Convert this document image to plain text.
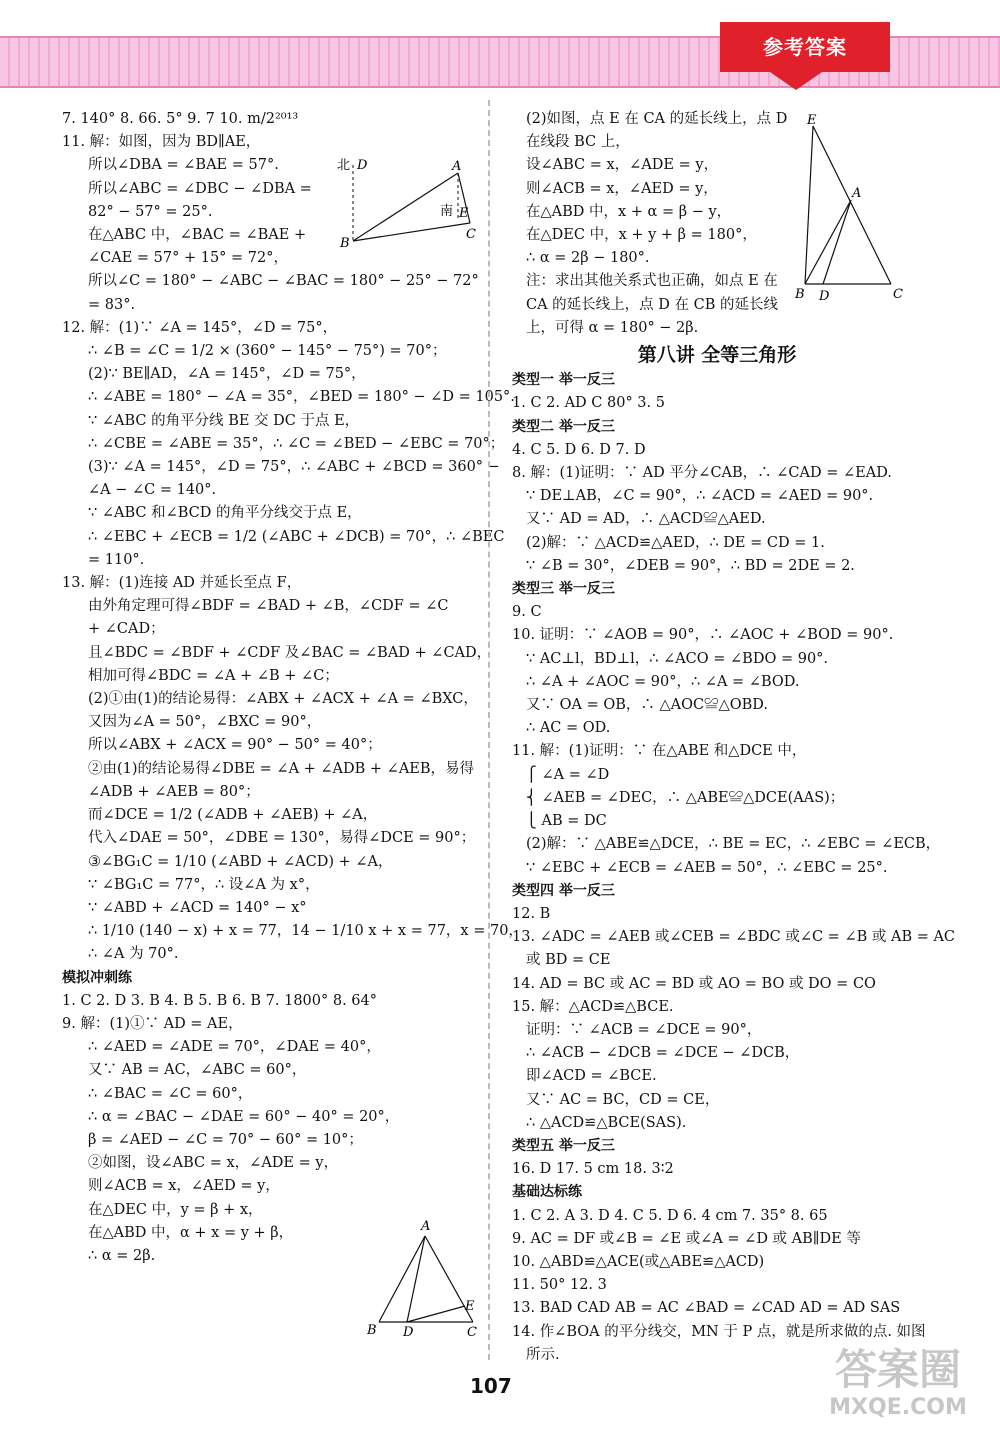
参考答案
7. 140° 8. 66. 5° 9. 7 10. m/2²⁰¹³
11. 解：如图，因为 BD∥AE，
所以∠DBA = ∠BAE = 57°.
所以∠ABC = ∠DBC − ∠DBA =
82° − 57° = 25°.
在△ABC 中，∠BAC = ∠BAE +
∠CAE = 57° + 15° = 72°，
所以∠C = 180° − ∠ABC − ∠BAC = 180° − 25° − 72°
= 83°.
12. 解：(1)∵ ∠A = 145°，∠D = 75°，
∴ ∠B = ∠C = 1/2 × (360° − 145° − 75°) = 70°；
(2)∵ BE∥AD，∠A = 145°，∠D = 75°，
∴ ∠ABE = 180° − ∠A = 35°，∠BED = 180° − ∠D = 105°.
∵ ∠ABC 的角平分线 BE 交 DC 于点 E，
∴ ∠CBE = ∠ABE = 35°，∴ ∠C = ∠BED − ∠EBC = 70°；
(3)∵ ∠A = 145°，∠D = 75°，∴ ∠ABC + ∠BCD = 360° −
∠A − ∠C = 140°.
∵ ∠ABC 和∠BCD 的角平分线交于点 E，
∴ ∠EBC + ∠ECB = 1/2 (∠ABC + ∠DCB) = 70°，∴ ∠BEC
= 110°.
13. 解：(1)连接 AD 并延长至点 F，
由外角定理可得∠BDF = ∠BAD + ∠B，∠CDF = ∠C
+ ∠CAD；
且∠BDC = ∠BDF + ∠CDF 及∠BAC = ∠BAD + ∠CAD，
相加可得∠BDC = ∠A + ∠B + ∠C；
(2)①由(1)的结论易得：∠ABX + ∠ACX + ∠A = ∠BXC，
又因为∠A = 50°，∠BXC = 90°，
所以∠ABX + ∠ACX = 90° − 50° = 40°；
②由(1)的结论易得∠DBE = ∠A + ∠ADB + ∠AEB，易得
∠ADB + ∠AEB = 80°；
而∠DCE = 1/2 (∠ADB + ∠AEB) + ∠A，
代入∠DAE = 50°，∠DBE = 130°，易得∠DCE = 90°；
③∠BG₁C = 1/10 (∠ABD + ∠ACD) + ∠A，
∵ ∠BG₁C = 77°，∴ 设∠A 为 x°，
∵ ∠ABD + ∠ACD = 140° − x°
∴ 1/10 (140 − x) + x = 77，14 − 1/10 x + x = 77，x = 70，
∴ ∠A 为 70°.
模拟冲刺练
1. C 2. D 3. B 4. B 5. B 6. B 7. 1800° 8. 64°
9. 解：(1)①∵ AD = AE，
∴ ∠AED = ∠ADE = 70°，∠DAE = 40°，
又∵ AB = AC，∠ABC = 60°，
∴ ∠BAC = ∠C = 60°，
∴ α = ∠BAC − ∠DAE = 60° − 40° = 20°，
β = ∠AED − ∠C = 70° − 60° = 10°；
②如图，设∠ABC = x，∠ADE = y，
则∠ACB = x，∠AED = y，
在△DEC 中，y = β + x，
在△ABD 中，α + x = y + β，
∴ α = 2β.
(2)如图，点 E 在 CA 的延长线上，点 D
在线段 BC 上，
设∠ABC = x，∠ADE = y，
则∠ACB = x，∠AED = y，
在△ABD 中，x + α = β − y，
在△DEC 中，x + y + β = 180°，
∴ α = 2β − 180°.
注：求出其他关系式也正确，如点 E 在
CA 的延长线上，点 D 在 CB 的延长线
上，可得 α = 180° − 2β.
第八讲 全等三角形
类型一 举一反三
1. C 2. AD C 80° 3. 5
类型二 举一反三
4. C 5. D 6. D 7. D
8. 解：(1)证明：∵ AD 平分∠CAB，∴ ∠CAD = ∠EAD.
∵ DE⊥AB，∠C = 90°，∴ ∠ACD = ∠AED = 90°.
又∵ AD = AD，∴ △ACD≌△AED.
(2)解：∵ △ACD≌△AED，∴ DE = CD = 1.
∵ ∠B = 30°，∠DEB = 90°，∴ BD = 2DE = 2.
类型三 举一反三
9. C
10. 证明：∵ ∠AOB = 90°，∴ ∠AOC + ∠BOD = 90°.
∵ AC⊥l，BD⊥l，∴ ∠ACO = ∠BDO = 90°.
∴ ∠A + ∠AOC = 90°，∴ ∠A = ∠BOD.
又∵ OA = OB，∴ △AOC≌△OBD.
∴ AC = OD.
11. 解：(1)证明：∵ 在△ABE 和△DCE 中，
⎧ ∠A = ∠D
⎨ ∠AEB = ∠DEC，∴ △ABE≌△DCE(AAS)；
⎩ AB = DC
(2)解：∵ △ABE≌△DCE，∴ BE = EC，∴ ∠EBC = ∠ECB，
∵ ∠EBC + ∠ECB = ∠AEB = 50°，∴ ∠EBC = 25°.
类型四 举一反三
12. B
13. ∠ADC = ∠AEB 或∠CEB = ∠BDC 或∠C = ∠B 或 AB = AC
或 BD = CE
14. AD = BC 或 AC = BD 或 AO = BO 或 DO = CO
15. 解：△ACD≌△BCE.
证明：∵ ∠ACB = ∠DCE = 90°，
∴ ∠ACB − ∠DCB = ∠DCE − ∠DCB，
即∠ACD = ∠BCE.
又∵ AC = BC，CD = CE，
∴ △ACD≌△BCE(SAS).
类型五 举一反三
16. D 17. 5 cm 18. 3∶2
基础达标练
1. C 2. A 3. D 4. C 5. D 6. 4 cm 7. 35° 8. 65
9. AC = DF 或∠B = ∠E 或∠A = ∠D 或 AB∥DE 等
10. △ABD≌△ACE(或△ABE≌△ACD)
11. 50° 12. 3
13. BAD CAD AB = AC ∠BAD = ∠CAD AD = AD SAS
14. 作∠BOA 的平分线交，MN 于 P 点，就是所求做的点. 如图
所示.
北 D	A
B
E
C
南
A
B D
E
C
E
A
B D	C
107	答案圈
MXQE.COM
